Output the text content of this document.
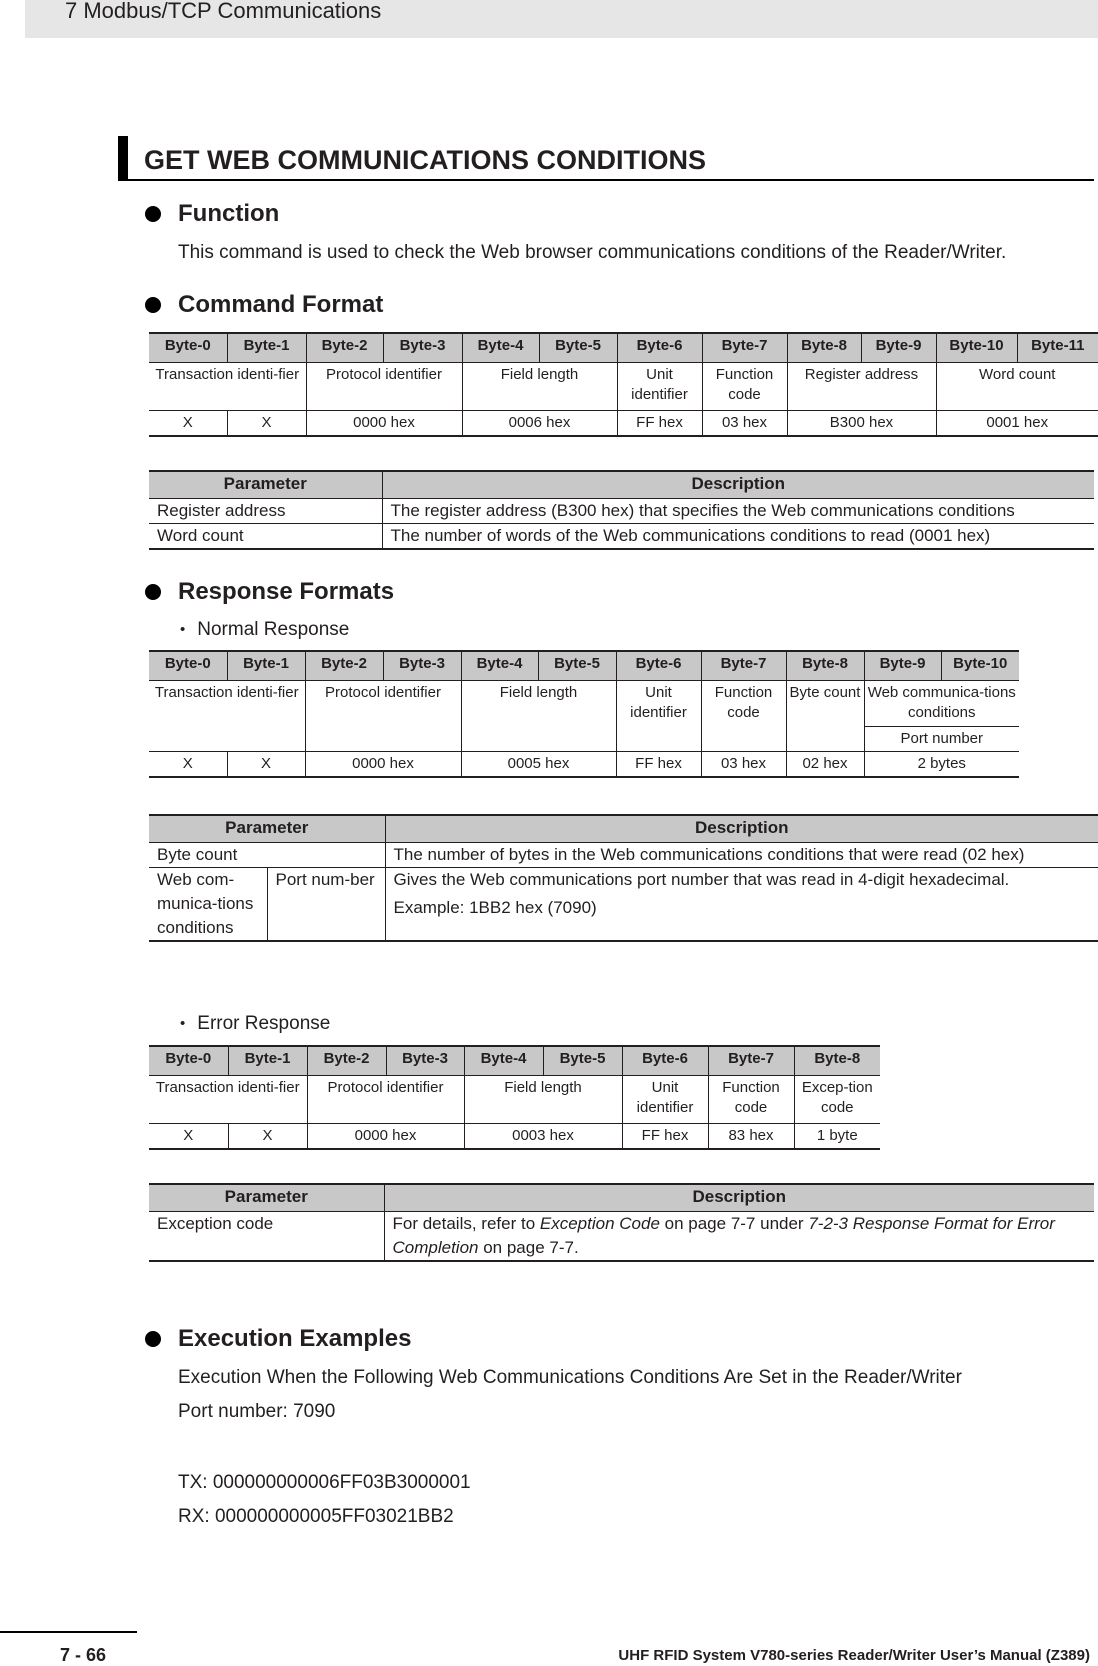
7 Modbus/TCP Communications
GET WEB COMMUNICATIONS CONDITIONS
Function
This command is used to check the Web browser communications conditions of the Reader/Writer.
Command Format
Byte-0	Byte-1	Byte-2	Byte-3	Byte-4	Byte-5	Byte-6	Byte-7	Byte-8	Byte-9	Byte-10	Byte-11
Transaction identi-fier		Protocol identifier		Field length		Unit identifier	Function code	Register address		Word count	
X	X	0000 hex		0006 hex		FF hex	03 hex	B300 hex		0001 hex	
Parameter	Description
Register address	The register address (B300 hex) that specifies the Web communications conditions
Word count	The number of words of the Web communications conditions to read (0001 hex)
Response Formats
• Normal Response
Byte-0	Byte-1	Byte-2	Byte-3	Byte-4	Byte-5	Byte-6	Byte-7	Byte-8	Byte-9	Byte-10
Transaction identi-fier		Protocol identifier		Field length		Unit identifier	Function code	Byte count	Web communica-tions conditions	
									Port number	
X	X	0000 hex		0005 hex		FF hex	03 hex	02 hex	2 bytes	
Parameter		Description
Byte count		The number of bytes in the Web communications conditions that were read (02 hex)
Web com-munica-tions conditions	Port num-ber	Gives the Web communications port number that was read in 4-digit hexadecimal.
Example: 1BB2 hex (7090)
• Error Response
Byte-0	Byte-1	Byte-2	Byte-3	Byte-4	Byte-5	Byte-6	Byte-7	Byte-8
Transaction identi-fier		Protocol identifier		Field length		Unit identifier	Function code	Excep-tion code
X	X	0000 hex		0003 hex		FF hex	83 hex	1 byte
Parameter	Description
Exception code	For details, refer to Exception Code on page 7-7 under 7-2-3 Response Format for Error Completion on page 7-7.
Execution Examples
Execution When the Following Web Communications Conditions Are Set in the Reader/Writer
Port number: 7090
TX: 000000000006FF03B3000001
RX: 000000000005FF03021BB2
7 - 66	UHF RFID System V780-series Reader/Writer User’s Manual (Z389)
